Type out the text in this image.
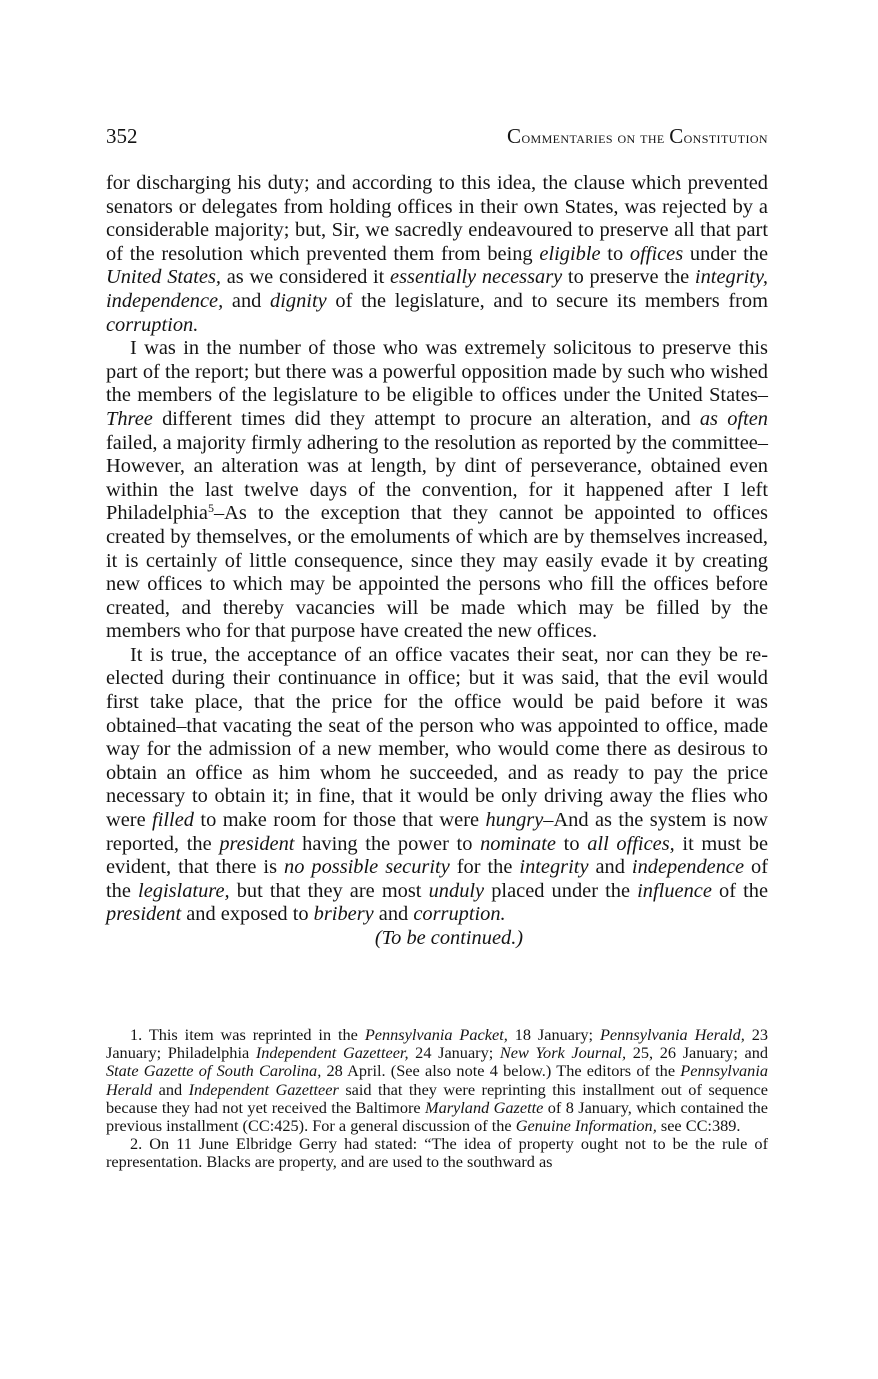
352	Commentaries on the Constitution

for discharging his duty; and according to this idea, the clause which prevented senators or delegates from holding offices in their own States, was rejected by a considerable majority; but, Sir, we sacredly endeavoured to preserve all that part of the resolution which prevented them from being eligible to offices under the United States, as we considered it essentially necessary to preserve the integrity, independence, and dignity of the legislature, and to secure its members from corruption.

I was in the number of those who was extremely solicitous to preserve this part of the report; but there was a powerful opposition made by such who wished the members of the legislature to be eligible to offices under the United States–Three different times did they attempt to procure an alteration, and as often failed, a majority firmly adhering to the resolution as reported by the committee–However, an alteration was at length, by dint of perseverance, obtained even within the last twelve days of the convention, for it happened after I left Philadelphia$^5$–As to the exception that they cannot be appointed to offices created by themselves, or the emoluments of which are by themselves increased, it is certainly of little consequence, since they may easily evade it by creating new offices to which may be appointed the persons who fill the offices before created, and thereby vacancies will be made which may be filled by the members who for that purpose have created the new offices.

It is true, the acceptance of an office vacates their seat, nor can they be re-elected during their continuance in office; but it was said, that the evil would first take place, that the price for the office would be paid before it was obtained–that vacating the seat of the person who was appointed to office, made way for the admission of a new member, who would come there as desirous to obtain an office as him whom he succeeded, and as ready to pay the price necessary to obtain it; in fine, that it would be only driving away the flies who were filled to make room for those that were hungry–And as the system is now reported, the president having the power to nominate to all offices, it must be evident, that there is no possible security for the integrity and independence of the legislature, but that they are most unduly placed under the influence of the president and exposed to bribery and corruption.

(To be continued.)

1. This item was reprinted in the Pennsylvania Packet, 18 January; Pennsylvania Herald, 23 January; Philadelphia Independent Gazetteer, 24 January; New York Journal, 25, 26 January; and State Gazette of South Carolina, 28 April. (See also note 4 below.) The editors of the Pennsylvania Herald and Independent Gazetteer said that they were reprinting this installment out of sequence because they had not yet received the Baltimore Maryland Gazette of 8 January, which contained the previous installment (CC:425). For a general discussion of the Genuine Information, see CC:389.

2. On 11 June Elbridge Gerry had stated: “The idea of property ought not to be the rule of representation. Blacks are property, and are used to the southward as
